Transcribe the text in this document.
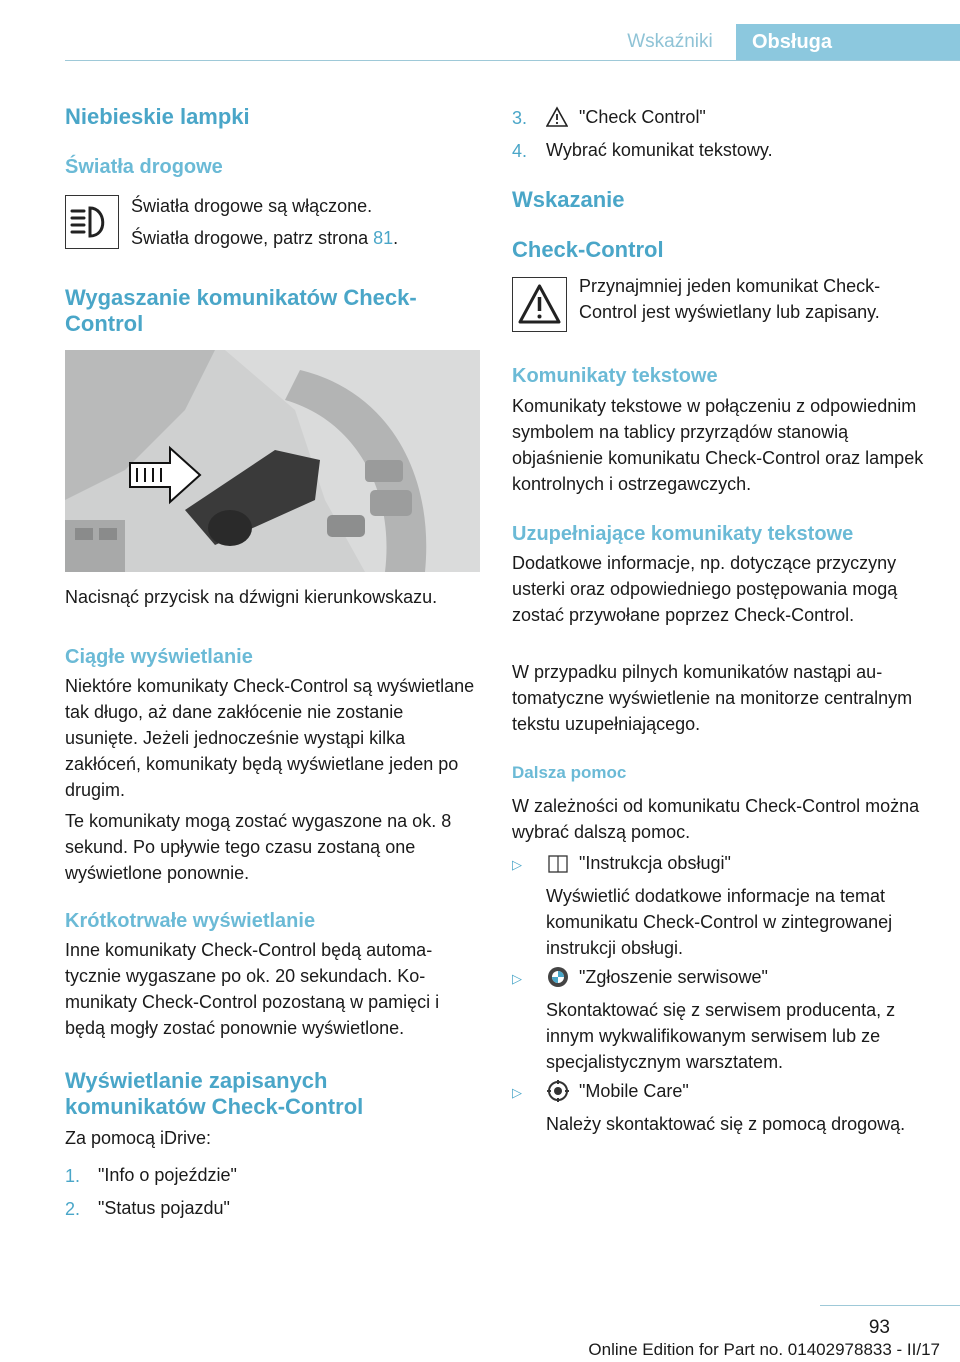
Wskaźniki	Obsługa
Niebieskie lampki
Światła drogowe
Światła drogowe są włączone.
Światła drogowe, patrz strona 81.
Wygaszanie komunikatów Check-
Control
Nacisnąć przycisk na dźwigni kierunkowskazu.
Ciągłe wyświetlanie
Niektóre komunikaty Check-Control są wyświetlane tak długo, aż dane zakłócenie nie zostanie usunięte. Jeżeli jednocześnie wystąpi kilka zakłóceń, komunikaty będą wyświetlane jeden po drugim.
Te komunikaty mogą zostać wygaszone na ok. 8 sekund. Po upływie tego czasu zostaną one wyświetlone ponownie.
Krótkotrwałe wyświetlanie
Inne komunikaty Check-Control będą automatycznie wygaszane po ok. 20 sekundach. Komunikaty Check-Control pozostaną w pamięci i będą mogły zostać ponownie wyświetlone.
Wyświetlanie zapisanych
komunikatów Check-Control
Za pomocą iDrive:
1. "Info o pojeździe"
2. "Status pojazdu"
3.	"Check Control"
4. Wybrać komunikat tekstowy.
Wskazanie
Check-Control
Przynajmniej jeden komunikat Check-Control jest wyświetlany lub zapisany.
Komunikaty tekstowe
Komunikaty tekstowe w połączeniu z odpowiednim symbolem na tablicy przyrządów stanowią objaśnienie komunikatu Check-Control oraz lampek kontrolnych i ostrzegawczych.
Uzupełniające komunikaty tekstowe
Dodatkowe informacje, np. dotyczące przyczyny usterki oraz odpowiedniego postępowania mogą zostać przywołane poprzez Check-Control.
W przypadku pilnych komunikatów nastąpi automatyczne wyświetlenie na monitorze centralnym tekstu uzupełniającego.
Dalsza pomoc
W zależności od komunikatu Check-Control można wybrać dalszą pomoc.
▷	"Instrukcja obsługi"
Wyświetlić dodatkowe informacje na temat komunikatu Check-Control w zintegrowanej instrukcji obsługi.
▷	"Zgłoszenie serwisowe"
Skontaktować się z serwisem producenta, z innym wykwalifikowanym serwisem lub ze specjalistycznym warsztatem.
▷	"Mobile Care"
Należy skontaktować się z pomocą drogową.
93
Online Edition for Part no. 01402978833 - II/17
